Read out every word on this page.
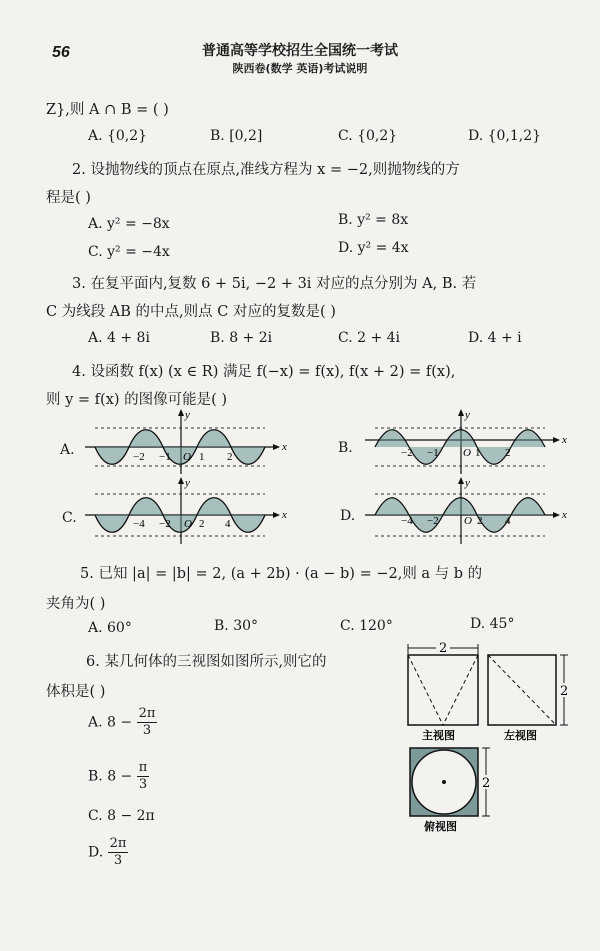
56	普通高等学校招生全国统一考试
陕西卷(数学 英语)考试说明
Z},则 A ∩ B = ( )
A. {0,2}	B. [0,2]	C. {0,2}	D. {0,1,2}
2. 设抛物线的顶点在原点,准线方程为 x = −2,则抛物线的方
程是( )
A. y² = −8x	B. y² = 8x
C. y² = −4x	D. y² = 4x
3. 在复平面内,复数 6 + 5i, −2 + 3i 对应的点分别为 A, B. 若
C 为线段 AB 的中点,则点 C 对应的复数是( )
A. 4 + 8i	B. 8 + 2i	C. 2 + 4i	D. 4 + i
4. 设函数 f(x) (x ∈ R) 满足 f(−x) = f(x), f(x + 2) = f(x),
则 y = f(x) 的图像可能是( )
A.	x
y
−2 −1 O 1 2
B.	x
y
−2 −1 O 1 2
C.	x
y
−4 −2 O 2 4	D.	x
y
−4 −2 O 2 4
5. 已知 |a| = |b| = 2, (a + 2b) · (a − b) = −2,则 a 与 b 的
夹角为( )
A. 60°	B. 30°	C. 120°	D. 45°
6. 某几何体的三视图如图所示,则它的
体积是( )
A. $8 - \frac{2\pi}{3}$
B. $8 - \frac{\pi}{3}$
C. 8 − 2π
D. $\frac{2\pi}{3}$
2
主视图
2
左视图
2
俯视图
